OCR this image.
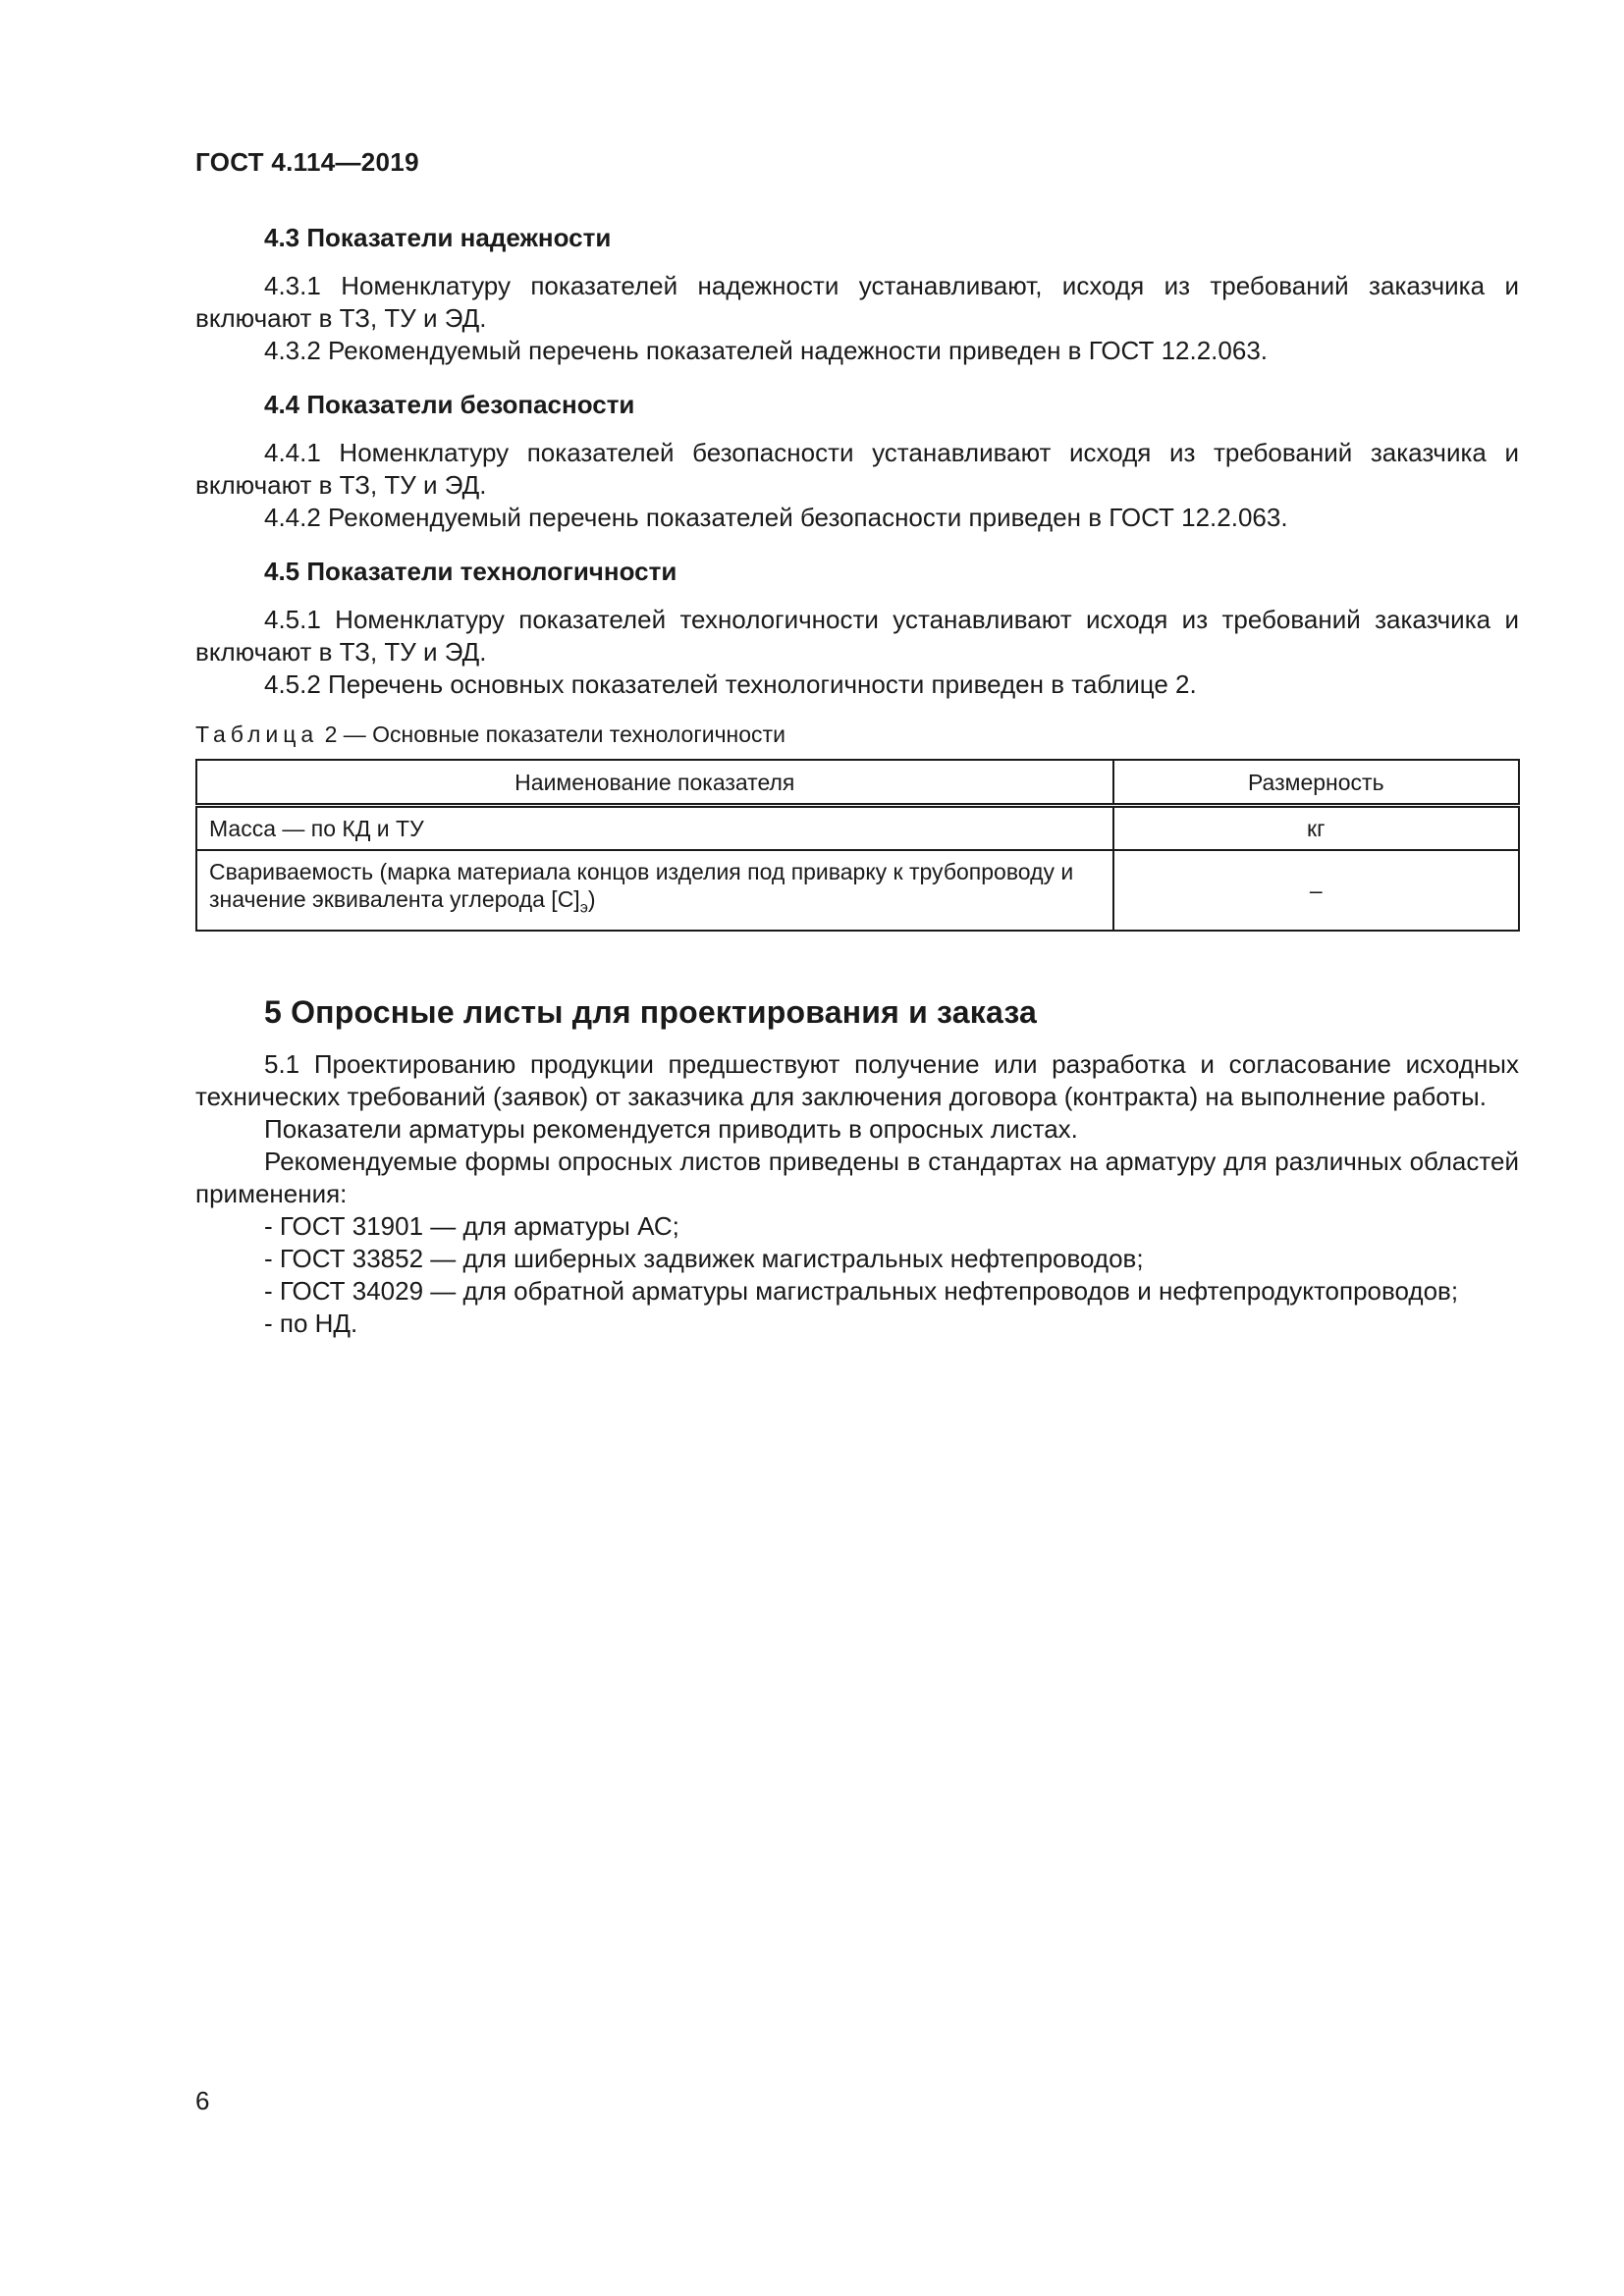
ГОСТ 4.114—2019
4.3 Показатели надежности

4.3.1 Номенклатуру показателей надежности устанавливают, исходя из требований заказчика и включают в ТЗ, ТУ и ЭД.

4.3.2 Рекомендуемый перечень показателей надежности приведен в ГОСТ 12.2.063.

4.4 Показатели безопасности

4.4.1 Номенклатуру показателей безопасности устанавливают исходя из требований заказчика и включают в ТЗ, ТУ и ЭД.

4.4.2 Рекомендуемый перечень показателей безопасности приведен в ГОСТ 12.2.063.

4.5 Показатели технологичности

4.5.1 Номенклатуру показателей технологичности устанавливают исходя из требований заказчика и включают в ТЗ, ТУ и ЭД.

4.5.2 Перечень основных показателей технологичности приведен в таблице 2.

Таблица 2 — Основные показатели технологичности
Наименование показателя	Размерность
Масса — по КД и ТУ	кг
Свариваемость (марка материала концов изделия под приварку к трубопроводу и значение эквивалента углерода $[С]_э$)	–
5 Опросные листы для проектирования и заказа

5.1 Проектированию продукции предшествуют получение или разработка и согласование исходных технических требований (заявок) от заказчика для заключения договора (контракта) на выполнение работы.

Показатели арматуры рекомендуется приводить в опросных листах.

Рекомендуемые формы опросных листов приведены в стандартах на арматуру для различных областей применения:

- ГОСТ 31901 — для арматуры АС;

- ГОСТ 33852 — для шиберных задвижек магистральных нефтепроводов;

- ГОСТ 34029 — для обратной арматуры магистральных нефтепроводов и нефтепродуктопроводов;

- по НД.

6
